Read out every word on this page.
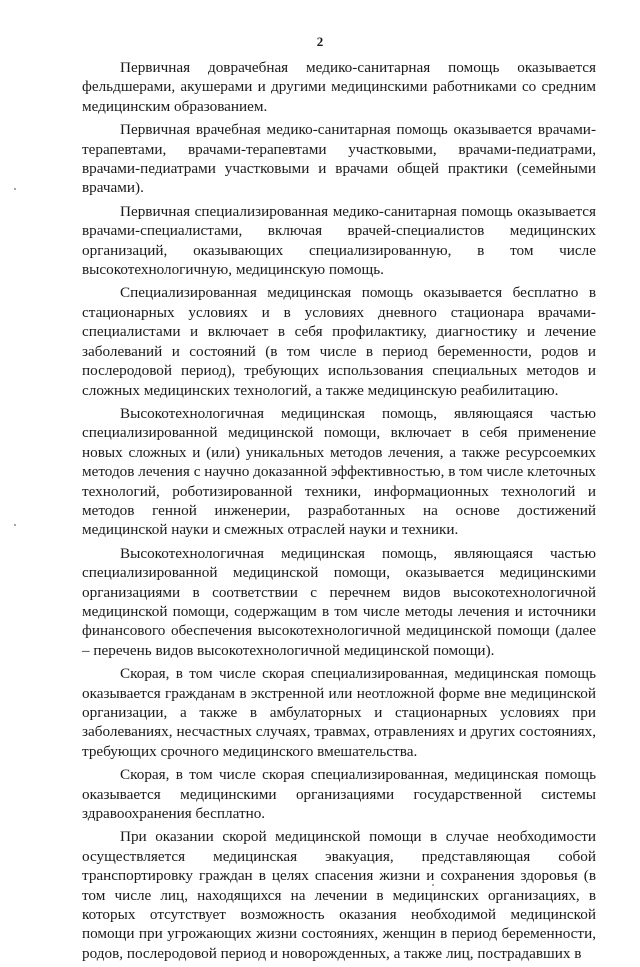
2

Первичная доврачебная медико-санитарная помощь оказывается фельдшерами, акушерами и другими медицинскими работниками со средним медицинским образованием.

Первичная врачебная медико-санитарная помощь оказывается врачами-терапевтами, врачами-терапевтами участковыми, врачами-педиатрами, врачами-педиатрами участковыми и врачами общей практики (семейными врачами).

Первичная специализированная медико-санитарная помощь оказывается врачами-специалистами, включая врачей-специалистов медицинских организаций, оказывающих специализированную, в том числе высокотехнологичную, медицинскую помощь.

Специализированная медицинская помощь оказывается бесплатно в стационарных условиях и в условиях дневного стационара врачами-специалистами и включает в себя профилактику, диагностику и лечение заболеваний и состояний (в том числе в период беременности, родов и послеродовой период), требующих использования специальных методов и сложных медицинских технологий, а также медицинскую реабилитацию.

Высокотехнологичная медицинская помощь, являющаяся частью специализированной медицинской помощи, включает в себя применение новых сложных и (или) уникальных методов лечения, а также ресурсоемких методов лечения с научно доказанной эффективностью, в том числе клеточных технологий, роботизированной техники, информационных технологий и методов генной инженерии, разработанных на основе достижений медицинской науки и смежных отраслей науки и техники.

Высокотехнологичная медицинская помощь, являющаяся частью специализированной медицинской помощи, оказывается медицинскими организациями в соответствии с перечнем видов высокотехнологичной медицинской помощи, содержащим в том числе методы лечения и источники финансового обеспечения высокотехнологичной медицинской помощи (далее – перечень видов высокотехнологичной медицинской помощи).

Скорая, в том числе скорая специализированная, медицинская помощь оказывается гражданам в экстренной или неотложной форме вне медицинской организации, а также в амбулаторных и стационарных условиях при заболеваниях, несчастных случаях, травмах, отравлениях и других состояниях, требующих срочного медицинского вмешательства.

Скорая, в том числе скорая специализированная, медицинская помощь оказывается медицинскими организациями государственной системы здравоохранения бесплатно.

При оказании скорой медицинской помощи в случае необходимости осуществляется медицинская эвакуация, представляющая собой транспортировку граждан в целях спасения жизни и сохранения здоровья (в том числе лиц, находящихся на лечении в медицинских организациях, в которых отсутствует возможность оказания необходимой медицинской помощи при угрожающих жизни состояниях, женщин в период беременности, родов, послеродовой период и новорожденных, а также лиц, пострадавших в
